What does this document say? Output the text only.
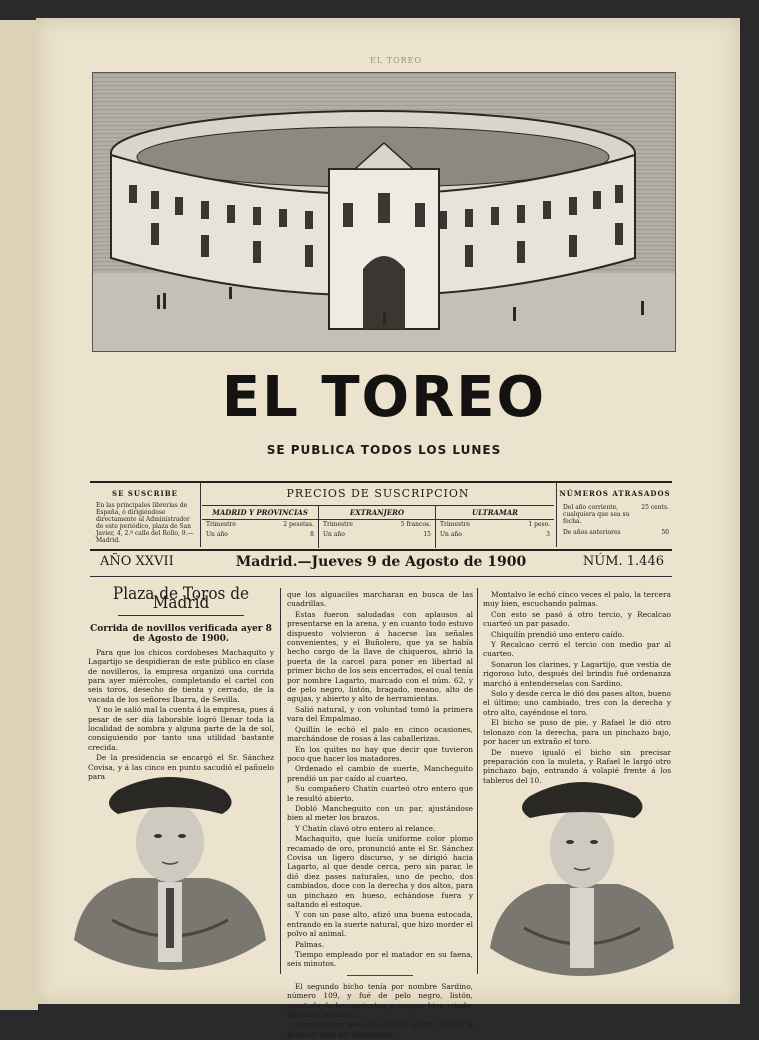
EL TOREO
EL TOREO
SE PUBLICA TODOS LOS LUNES
SE SUSCRIBE
En las principales librerías de España, ó dirigiéndose directamente al Administrador de este periódico, plaza de San Javier, 4, 2.º calle del Rollo, 9.—Madrid.
PRECIOS DE SUSCRIPCION
MADRID Y PROVINCIAS
Trimestre	2 pesetas.
Un año	8
EXTRANJERO
Trimestre	5 francos.
Un año	15
ULTRAMAR
Trimestre	1 peso.
Un año	3
NÚMEROS ATRASADOS
Del año corriente, cualquiera que sea su fecha.
25 cents.
De años anteriores	50
Madrid.—Jueves 9 de Agosto de 1900
AÑO XXVII	NÚM. 1.446
Plaza de Toros de Madrid
Corrida de novillos verificada ayer 8 de Agosto de 1900.

Para que los chicos cordobeses Machaquito y Lagartijo se despidieran de este público en clase de novilleros, la empresa organizó una corrida para ayer miércoles, completando el cartel con seis toros, desecho de tienta y cerrado, de la vacada de los señores Ibarra, de Sevilla.

Y no le salió mal la cuenta á la empresa, pues á pesar de ser día laborable logró llenar toda la localidad de sombra y alguna parte de la de sol, consiguiendo por tanto una utilidad bastante crecida.

De la presidencia se encargó el Sr. Sánchez Covisa, y á las cinco en punto sacudió el pañuelo para

que los alguaciles marcharan en busca de las cuadrillas.

Estas fueron saludadas con aplausos al presentarse en la arena, y en cuanto todo estuvo dispuesto volvieron á hacerse las señales convenientes, y el Buñolero, que ya se había hecho cargo de la llave de chiqueros, abrió la puerta de la carcel para poner en libertad al primer bicho de los seis encerrados, el cual tenía por nombre Lagarto, marcado con el núm. 62, y de pelo negro, listón, bragado, meano, alto de agujas, y abierto y alto de herramientas.

Salió natural, y con voluntad tomó la primera vara del Empalmao.

Quillín le echó el palo en cinco ocasiones, marchándose de rosas á las caballerizas.

En los quites no hay que decir que tuvieron poco que hacer los matadores.

Ordenado el cambio de suerte, Mancheguito prendió un par caído al cuarteo.

Su compañero Chatín cuarteó otro entero que le resultó abierto.

Dobló Mancheguito con un par, ajustándose bien al meter los brazos.

Y Chatín clavó otro entero al relance.

Machaquito, que lucía uniforme color plomo recamado de oro, pronunció ante el Sr. Sánchez Covisa un ligero discurso, y se dirigió hacia Lagarto, al que desde cerca, pero sin parar, le dió diez pases naturales, uno de pecho, dos cambiados, doce con la derecha y dos altos, para un pinchazo en hueso, echándose fuera y saltando el estoque.

Y con un pase alto, atizó una buena estocada, entrando en la suerte natural, que hizo morder el polvo al animal.

Palmas.

Tiempo empleado por el matador en su faena, seis minutos.

El segundo bicho tenía por nombre Sardino, número 109, y fué de pelo negro, listón, apretado de herramientas y, aunque bien criado, bastante pequeño.

Con bravura, pero con escaso poder, aceptó la primera vara del Empalmao.

Montalvo le echó cinco veces el palo, la tercera muy bien, escuchando palmas.

Con esto se pasó á otro tercio, y Recalcao cuarteó un par pasado.

Chiquilín prendió uno entero caído.

Y Recalcao cerró el tercio con medio par al cuarteo.

Sonaron los clarines, y Lagartijo, que vestía de rigoroso luto, después del brindis fué ordenanza marchó á entenderselas con Sardino.

Solo y desde cerca le dió dos pases altos, bueno el último; uno cambiado, tres con la derecha y otro alto, cayéndose el toro.

El bicho se puso de pie, y Rafael le dió otro telonazo con la derecha, para un pinchazo bajo, por hacer un extraño el toro.

De nuevo igualó el bicho sin precisar preparación con la muleta, y Rafael le largó otro pinchazo bajo, entrando á volapié frente á los tableros del 10.
